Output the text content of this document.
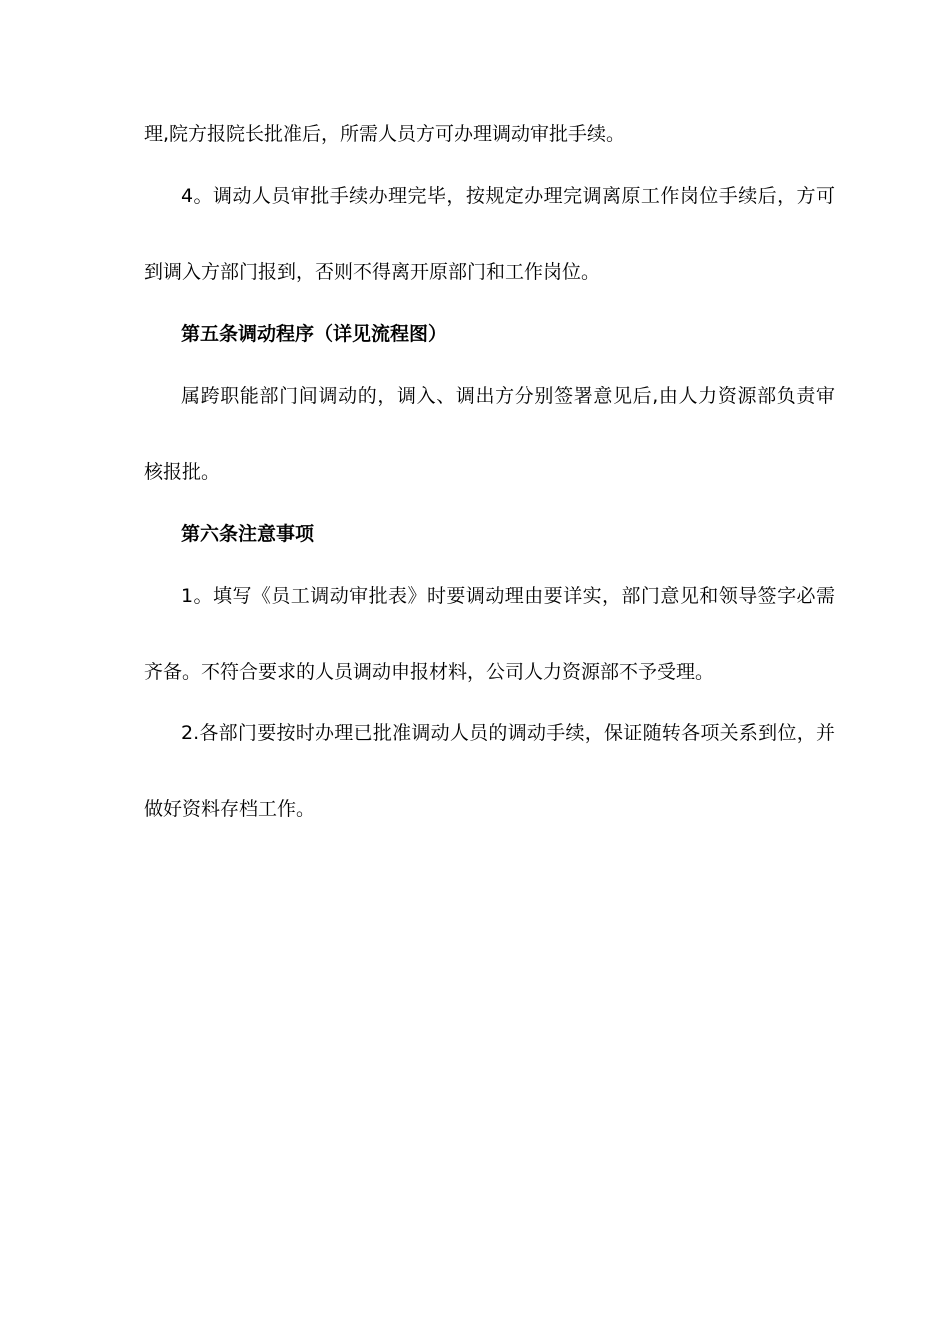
理,院方报院长批准后，所需人员方可办理调动审批手续。
4。调动人员审批手续办理完毕，按规定办理完调离原工作岗位手续后，方可
到调入方部门报到，否则不得离开原部门和工作岗位。
第五条调动程序（详见流程图）
属跨职能部门间调动的，调入、调出方分别签署意见后,由人力资源部负责审
核报批。
第六条注意事项
1。填写《员工调动审批表》时要调动理由要详实，部门意见和领导签字必需
齐备。不符合要求的人员调动申报材料，公司人力资源部不予受理。
2.各部门要按时办理已批准调动人员的调动手续，保证随转各项关系到位，并
做好资料存档工作。
